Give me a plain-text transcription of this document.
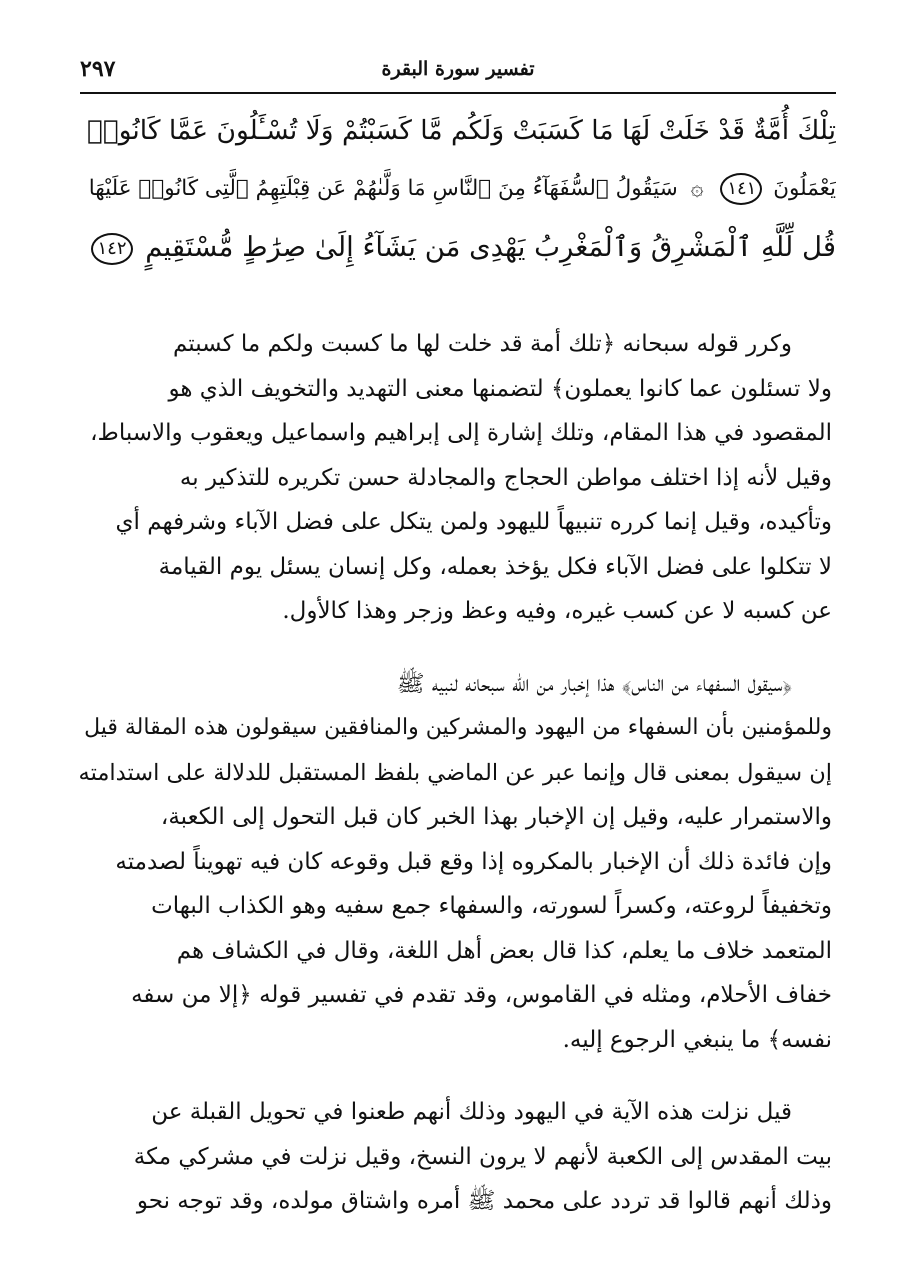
تفسير سورة البقرة
٢٩٧
تِلْكَ أُمَّةٌ قَدْ خَلَتْ لَهَا مَا كَسَبَتْ وَلَكُم مَّا كَسَبْتُمْ وَلَا تُسْـَٔلُونَ عَمَّا كَانُوا۟
يَعْمَلُونَ ١٤١ ۞ سَيَقُولُ ٱلسُّفَهَآءُ مِنَ ٱلنَّاسِ مَا وَلَّىٰهُمْ عَن قِبْلَتِهِمُ ٱلَّتِى كَانُوا۟ عَلَيْهَا
قُل لِّلَّهِ ٱلْمَشْرِقُ وَٱلْمَغْرِبُ يَهْدِى مَن يَشَآءُ إِلَىٰ صِرَٰطٍ مُّسْتَقِيمٍ ١٤٢
وكرر قوله سبحانه ﴿تلك أمة قد خلت لها ما كسبت ولكم ما كسبتم
ولا تسئلون عما كانوا يعملون﴾ لتضمنها معنى التهديد والتخويف الذي هو
المقصود في هذا المقام، وتلك إشارة إلى إبراهيم واسماعيل ويعقوب والاسباط،
وقيل لأنه إذا اختلف مواطن الحجاج والمجادلة حسن تكريره للتذكير به
وتأكيده، وقيل إنما كرره تنبيهاً لليهود ولمن يتكل على فضل الآباء وشرفهم أي
لا تتكلوا على فضل الآباء فكل يؤخذ بعمله، وكل إنسان يسئل يوم القيامة
عن كسبه لا عن كسب غيره، وفيه وعظ وزجر وهذا كالأول.
﴿سيقول السفهاء من الناس﴾ هذا إخبار من الله سبحانه لنبيه ﷺ
وللمؤمنين بأن السفهاء من اليهود والمشركين والمنافقين سيقولون هذه المقالة قيل
إن سيقول بمعنى قال وإنما عبر عن الماضي بلفظ المستقبل للدلالة على استدامته
والاستمرار عليه، وقيل إن الإخبار بهذا الخبر كان قبل التحول إلى الكعبة،
وإن فائدة ذلك أن الإخبار بالمكروه إذا وقع قبل وقوعه كان فيه تهويناً لصدمته
وتخفيفاً لروعته، وكسراً لسورته، والسفهاء جمع سفيه وهو الكذاب البهات
المتعمد خلاف ما يعلم، كذا قال بعض أهل اللغة، وقال في الكشاف هم
خفاف الأحلام، ومثله في القاموس، وقد تقدم في تفسير قوله ﴿إلا من سفه
نفسه﴾ ما ينبغي الرجوع إليه.
قيل نزلت هذه الآية في اليهود وذلك أنهم طعنوا في تحويل القبلة عن
بيت المقدس إلى الكعبة لأنهم لا يرون النسخ، وقيل نزلت في مشركي مكة
وذلك أنهم قالوا قد تردد على محمد ﷺ أمره واشتاق مولده، وقد توجه نحو
